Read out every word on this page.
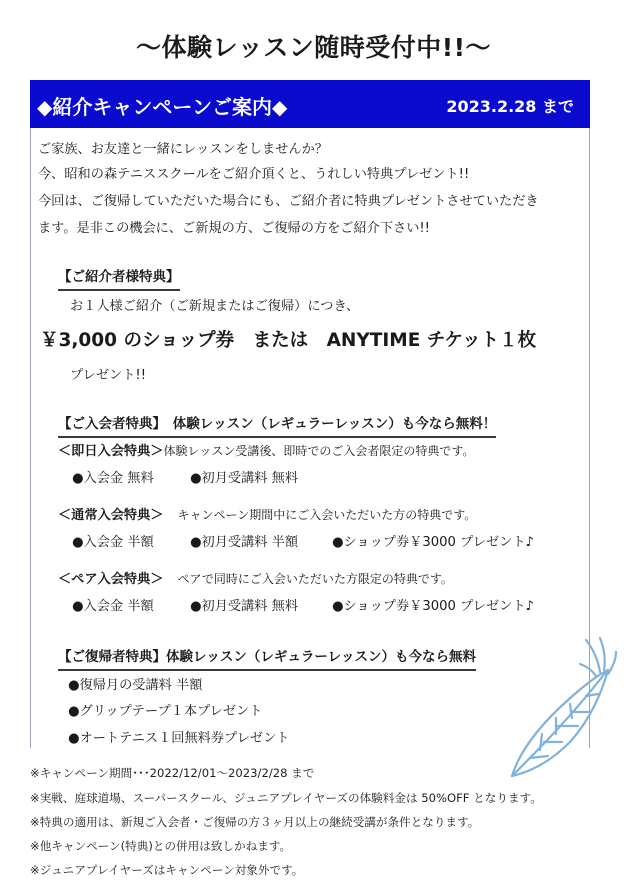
～体験レッスン随時受付中!!～
◆紹介キャンペーンご案内◆	2023.2.28 まで
ご家族、お友達と一緒にレッスンをしませんか？
今、昭和の森テニススクールをご紹介頂くと、うれしい特典プレゼント!!
今回は、ご復帰していただいた場合にも、ご紹介者に特典プレゼントさせていただき
ます。是非この機会に、ご新規の方、ご復帰の方をご紹介下さい!!
【ご紹介者様特典】
お１人様ご紹介（ご新規またはご復帰）につき、
￥3,000 のショップ券　または　ANYTIME チケット１枚
プレゼント!!
【ご入会者特典】　体験レッスン（レギュラーレッスン）も今なら無料！
＜即日入会特典＞体験レッスン受講後、即時でのご入会者限定の特典です。
●入会金 無料	●初月受講料 無料
＜通常入会特典＞ キャンペーン期間中にご入会いただいた方の特典です。
●入会金 半額	●初月受講料 半額	●ショップ券￥3000 プレゼント♪
＜ペア入会特典＞ ペアで同時にご入会いただいた方限定の特典です。
●入会金 半額	●初月受講料 無料	●ショップ券￥3000 プレゼント♪
【ご復帰者特典】体験レッスン（レギュラーレッスン）も今なら無料
●復帰月の受講料 半額
●グリップテープ１本プレゼント
●オートテニス１回無料券プレゼント
※キャンペーン期間･･･2022/12/01～2023/2/28 まで
※実戦、庭球道場、スーパースクール、ジュニアプレイヤーズの体験料金は 50%OFF となります。
※特典の適用は、新規ご入会者・ご復帰の方３ヶ月以上の継続受講が条件となります。
※他キャンペーン(特典)との併用は致しかねます。
※ジュニアプレイヤーズはキャンペーン対象外です。
